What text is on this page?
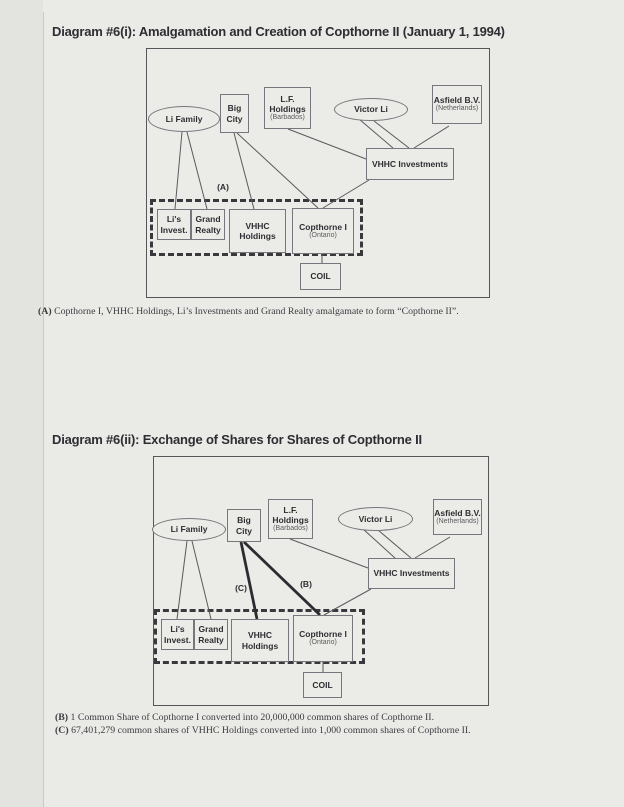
Diagram #6(i): Amalgamation and Creation of Copthorne II (January 1, 1994)
Li Family
Big City
L.F. Holdings
(Barbados)
Victor Li
Asfield B.V.
(Netherlands)
VHHC Investments
Li's Invest.
Grand Realty	VHHC Holdings
Copthorne I
(Ontario)
COIL
(A)

(A) Copthorne I, VHHC Holdings, Li’s Investments and Grand Realty amalgamate to form “Copthorne II”.

Diagram #6(ii): Exchange of Shares for Shares of Copthorne II
Li Family
Big City
L.F. Holdings
(Barbados)
Victor Li
Asfield B.V.
(Netherlands)
VHHC Investments
Li's Invest.
Grand Realty	VHHC Holdings
Copthorne I
(Ontario)
COIL
(C)	(B)

(B) 1 Common Share of Copthorne I converted into 20,000,000 common shares of Copthorne II.

(C) 67,401,279 common shares of VHHC Holdings converted into 1,000 common shares of Copthorne II.
